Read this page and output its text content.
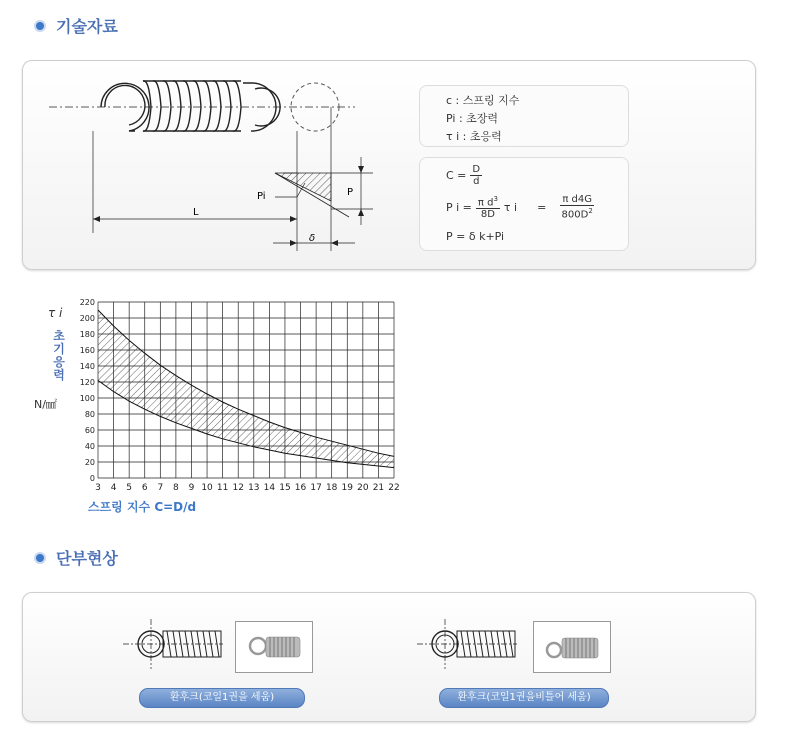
기술자료
Pi
L
P
δ
c : 스프링 지수
Pi : 초장력
τ i : 초응력
$C = \frac{D}{d}$
P $i = \frac{\pi d^3}{8D}$ τ $i = \frac{\text{π d4G}}{800D^2}$
P = δ k+Pi
τ i
초기응력
N/㎟
3 4 5 6 7 8 9 10 11 12 13 14 15 16 17 18 19 20 21 22
0
20
40
60
80
100
120
140
160
180
200
220
스프링 지수 C=D/d
단부현상
환후크(코일1권을 세움)	환후크(코일1권을비틀어 세움)
